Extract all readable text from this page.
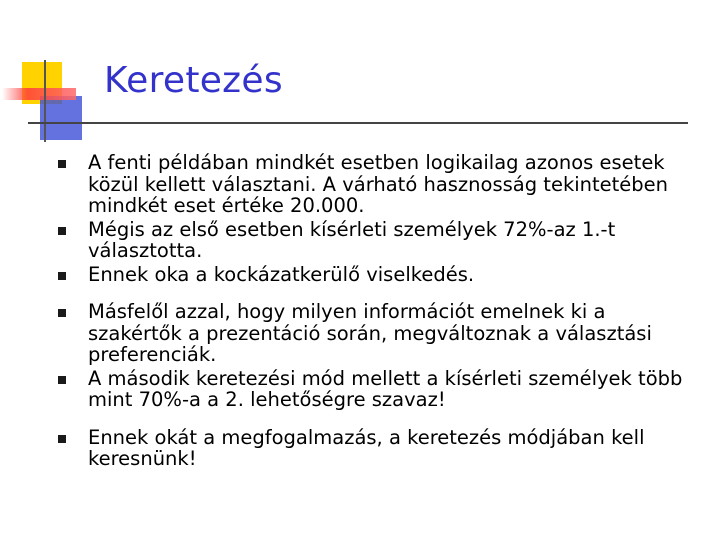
Keretezés
A fenti példában mindkét esetben logikailag azonos esetek közül kellett választani. A várható hasznosság tekintetében mindkét eset értéke 20.000.
Mégis az első esetben kísérleti személyek 72%-az 1.-t választotta.
Ennek oka a kockázatkerülő viselkedés.
Másfelől azzal, hogy milyen információt emelnek ki a szakértők a prezentáció során, megváltoznak a választási preferenciák.
A második keretezési mód mellett a kísérleti személyek több mint 70%-a a 2. lehetőségre szavaz!
Ennek okát a megfogalmazás, a keretezés módjában kell keresnünk!
